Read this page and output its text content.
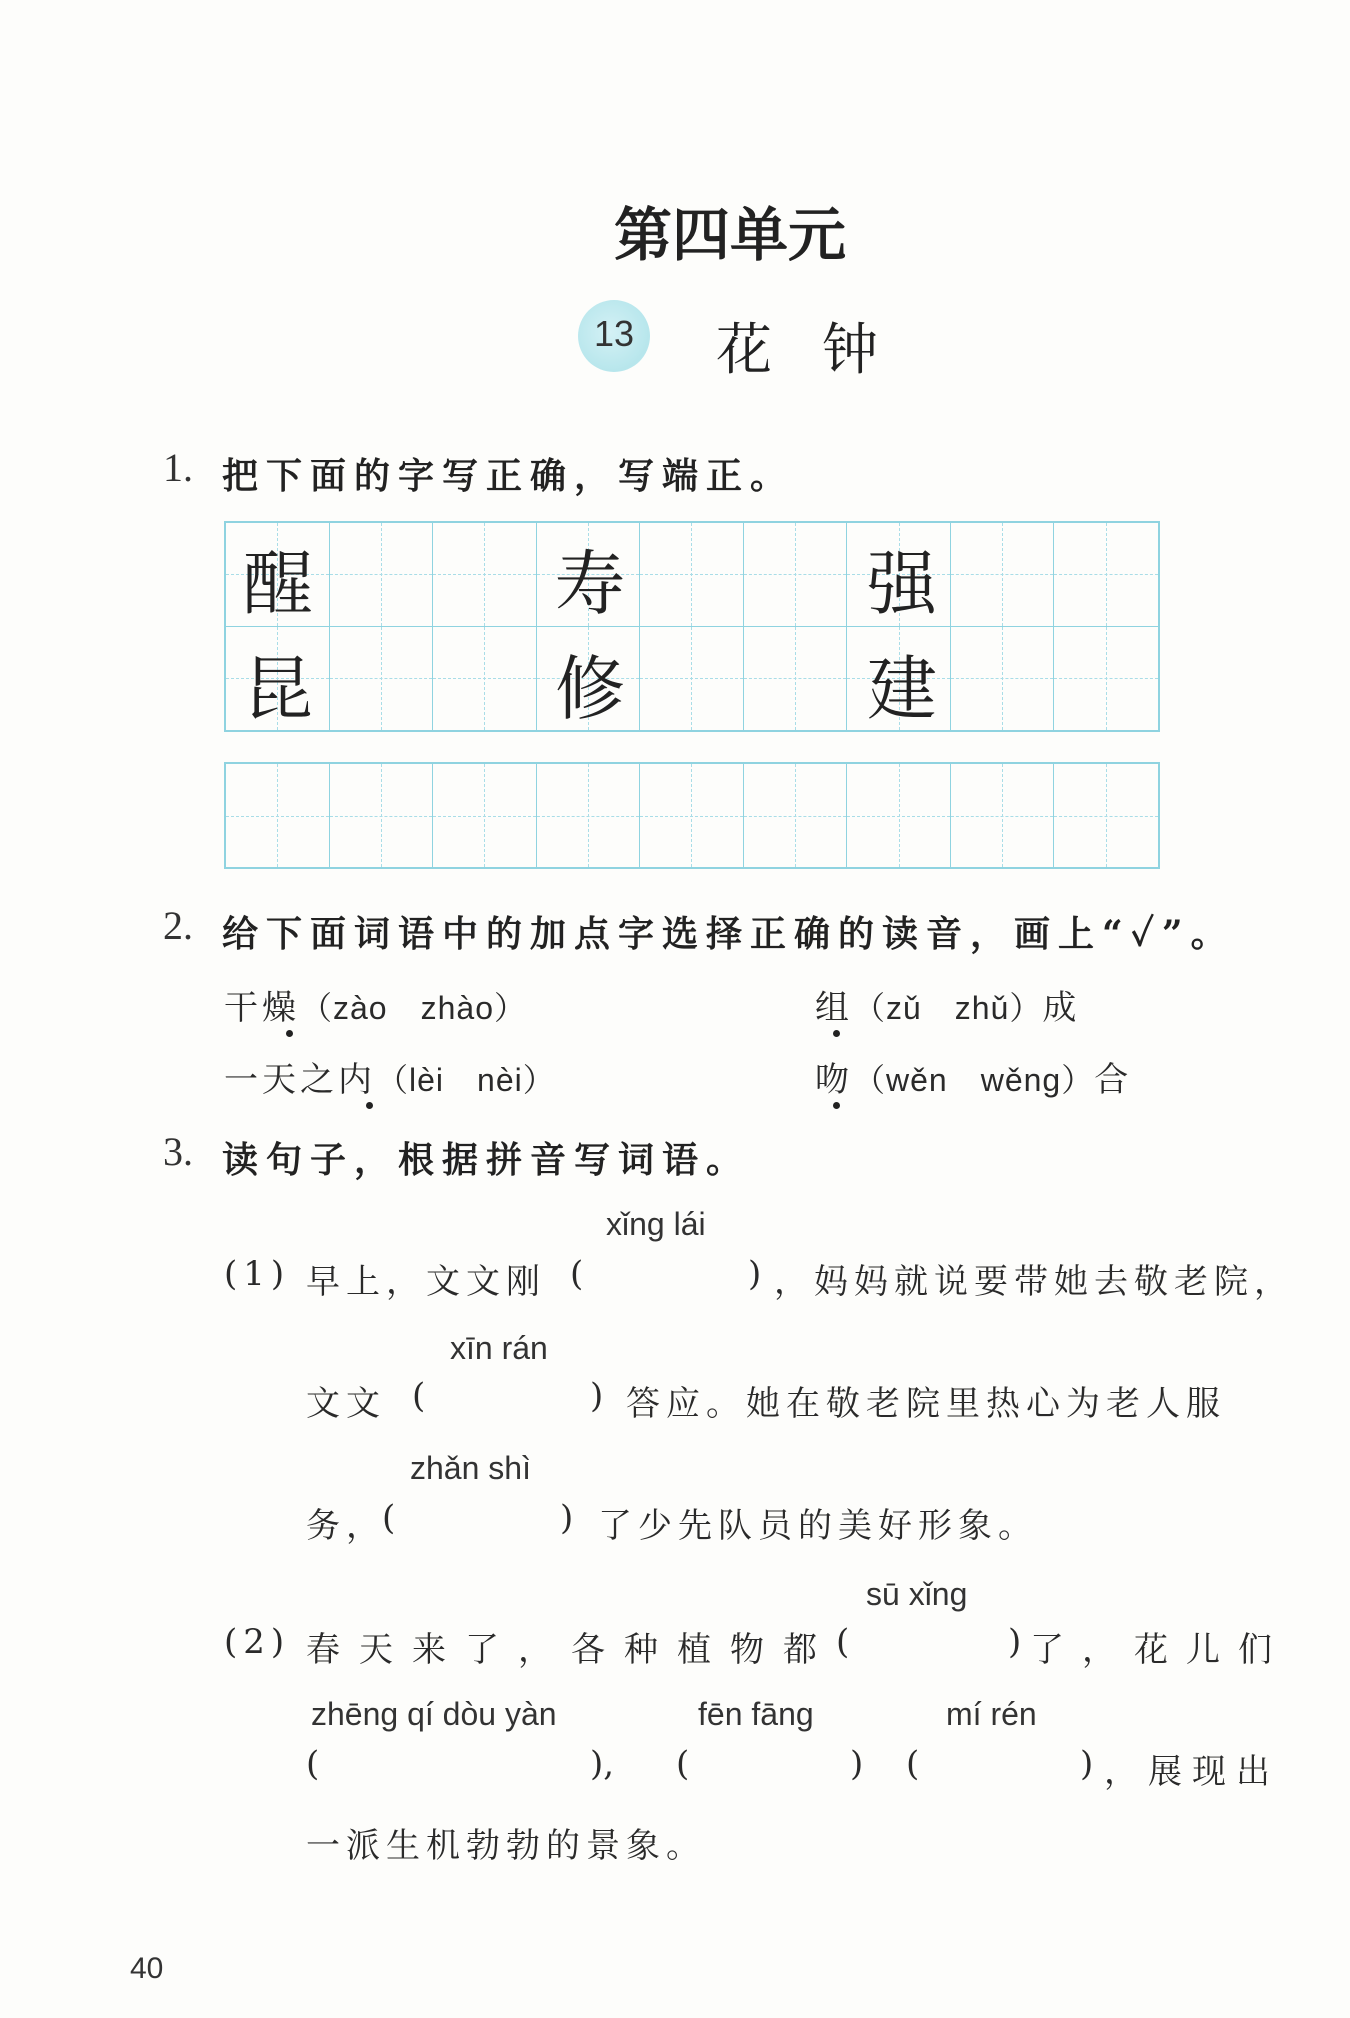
第四单元
13 花钟
1. 把下面的字写正确，写端正。
醒	寿	强
昆	修	建
2. 给下面词语中的加点字选择正确的读音，画上“✓”。
干燥（zào　zhào）	组（zǔ　zhǔ）成
一天之内（lèi　nèi）	吻（wěn　wěng）合
3. 读句子，根据拼音写词语。
xǐng lái
(1) 早上，文文刚 (	) ，妈妈就说要带她去敬老院，
xīn rán
文文 (	) 答应。她在敬老院里热心为老人服
zhǎn shì
务，
(	) 了少先队员的美好形象。
sū xǐng
(2) 春天来了，各种植物都 (	) 了，花儿们
zhēng qí dòu yàn	fēn fāng	mí rén
(	), (	) (	) ，展现出
一派生机勃勃的景象。
40
